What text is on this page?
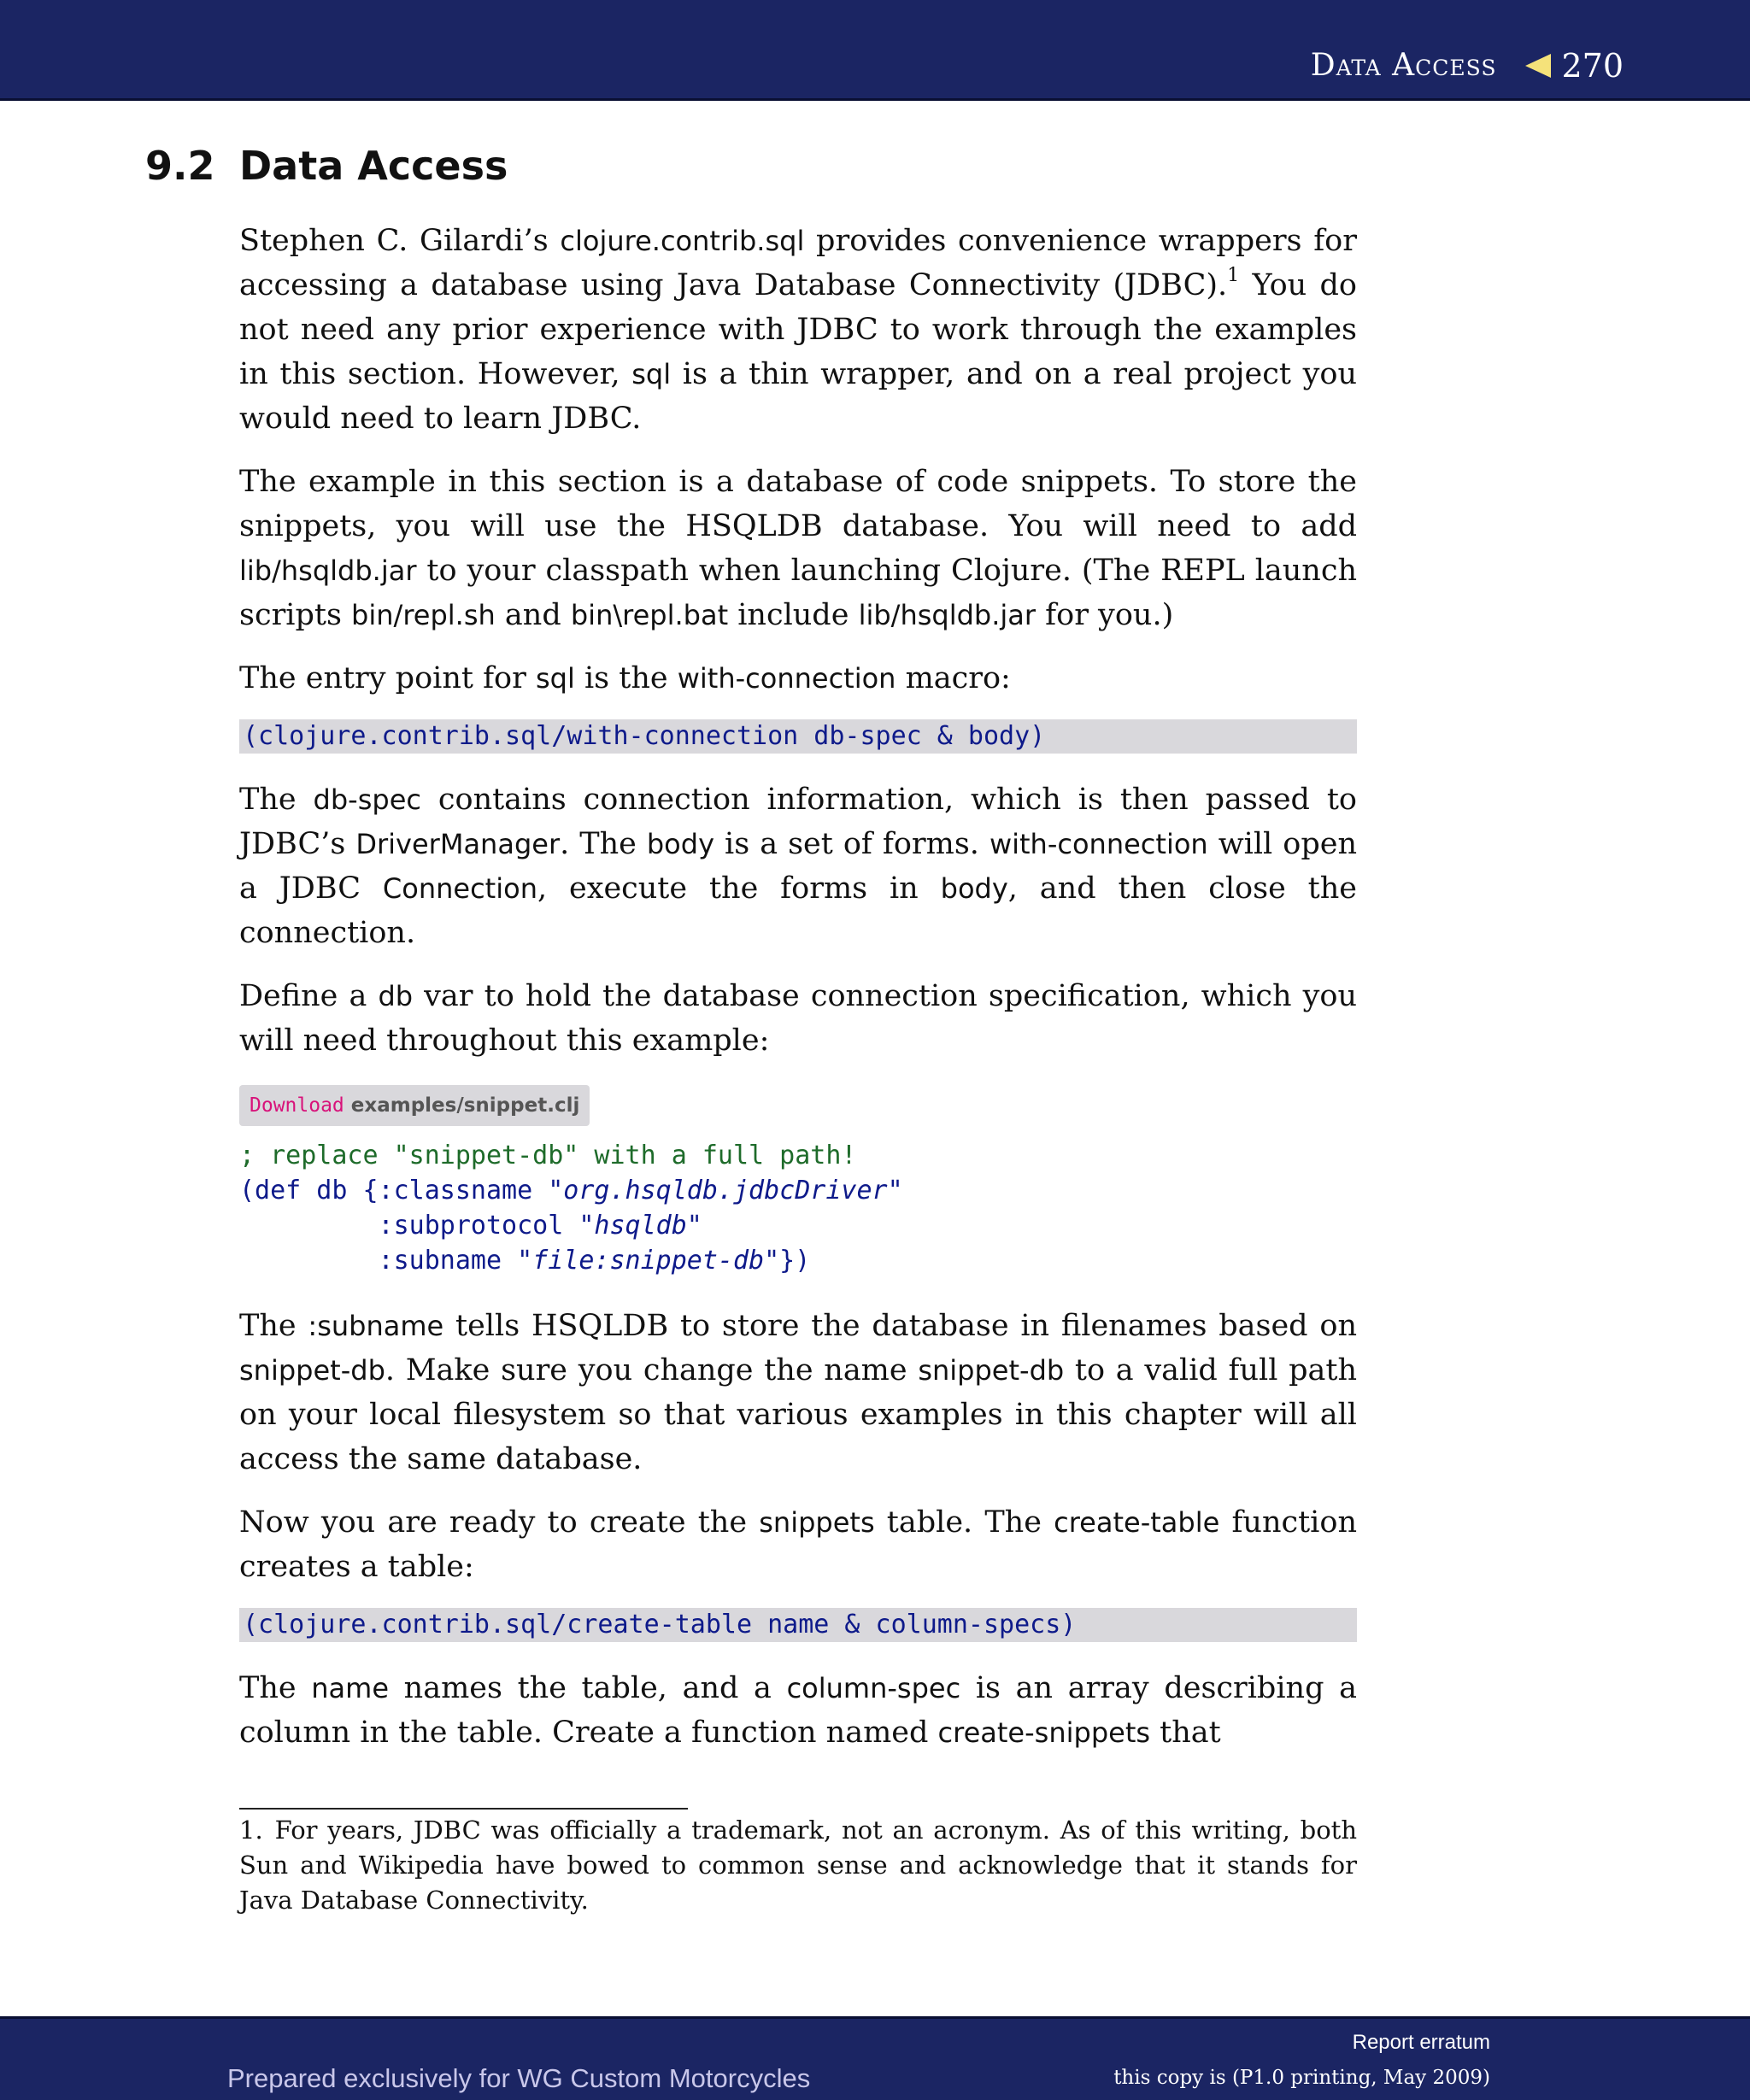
Data Access 270
9.2 Data Access

Stephen C. Gilardi’s clojure.contrib.sql provides convenience wrappers for accessing a database using Java Database Connectivity (JDBC).$^1$ You do not need any prior experience with JDBC to work through the examples in this section. However, sql is a thin wrapper, and on a real project you would need to learn JDBC.

The example in this section is a database of code snippets. To store the snippets, you will use the HSQLDB database. You will need to add lib/hsqldb.jar to your classpath when launching Clojure. (The REPL launch scripts bin/repl.sh and bin\repl.bat include lib/hsqldb.jar for you.)

The entry point for sql is the with-connection macro:

(clojure.contrib.sql/with-connection db-spec & body)

The db-spec contains connection information, which is then passed to JDBC’s DriverManager. The body is a set of forms. with-connection will open a JDBC Connection, execute the forms in body, and then close the connection.

Define a db var to hold the database connection specification, which you will need throughout this example:

Download examples/snippet.clj
; replace "snippet-db" with a full path!
(def db {:classname "org.hsqldb.jdbcDriver"
:subprotocol "hsqldb"
:subname "file:snippet-db"})

The :subname tells HSQLDB to store the database in filenames based on snippet-db. Make sure you change the name snippet-db to a valid full path on your local filesystem so that various examples in this chapter will all access the same database.

Now you are ready to create the snippets table. The create-table function creates a table:

(clojure.contrib.sql/create-table name & column-specs)

The name names the table, and a column-spec is an array describing a column in the table. Create a function named create-snippets that

1. For years, JDBC was officially a trademark, not an acronym. As of this writing, both Sun and Wikipedia have bowed to common sense and acknowledge that it stands for Java Database Connectivity.
Prepared exclusively for WG Custom Motorcycles
Report erratum
this copy is (P1.0 printing, May 2009)
